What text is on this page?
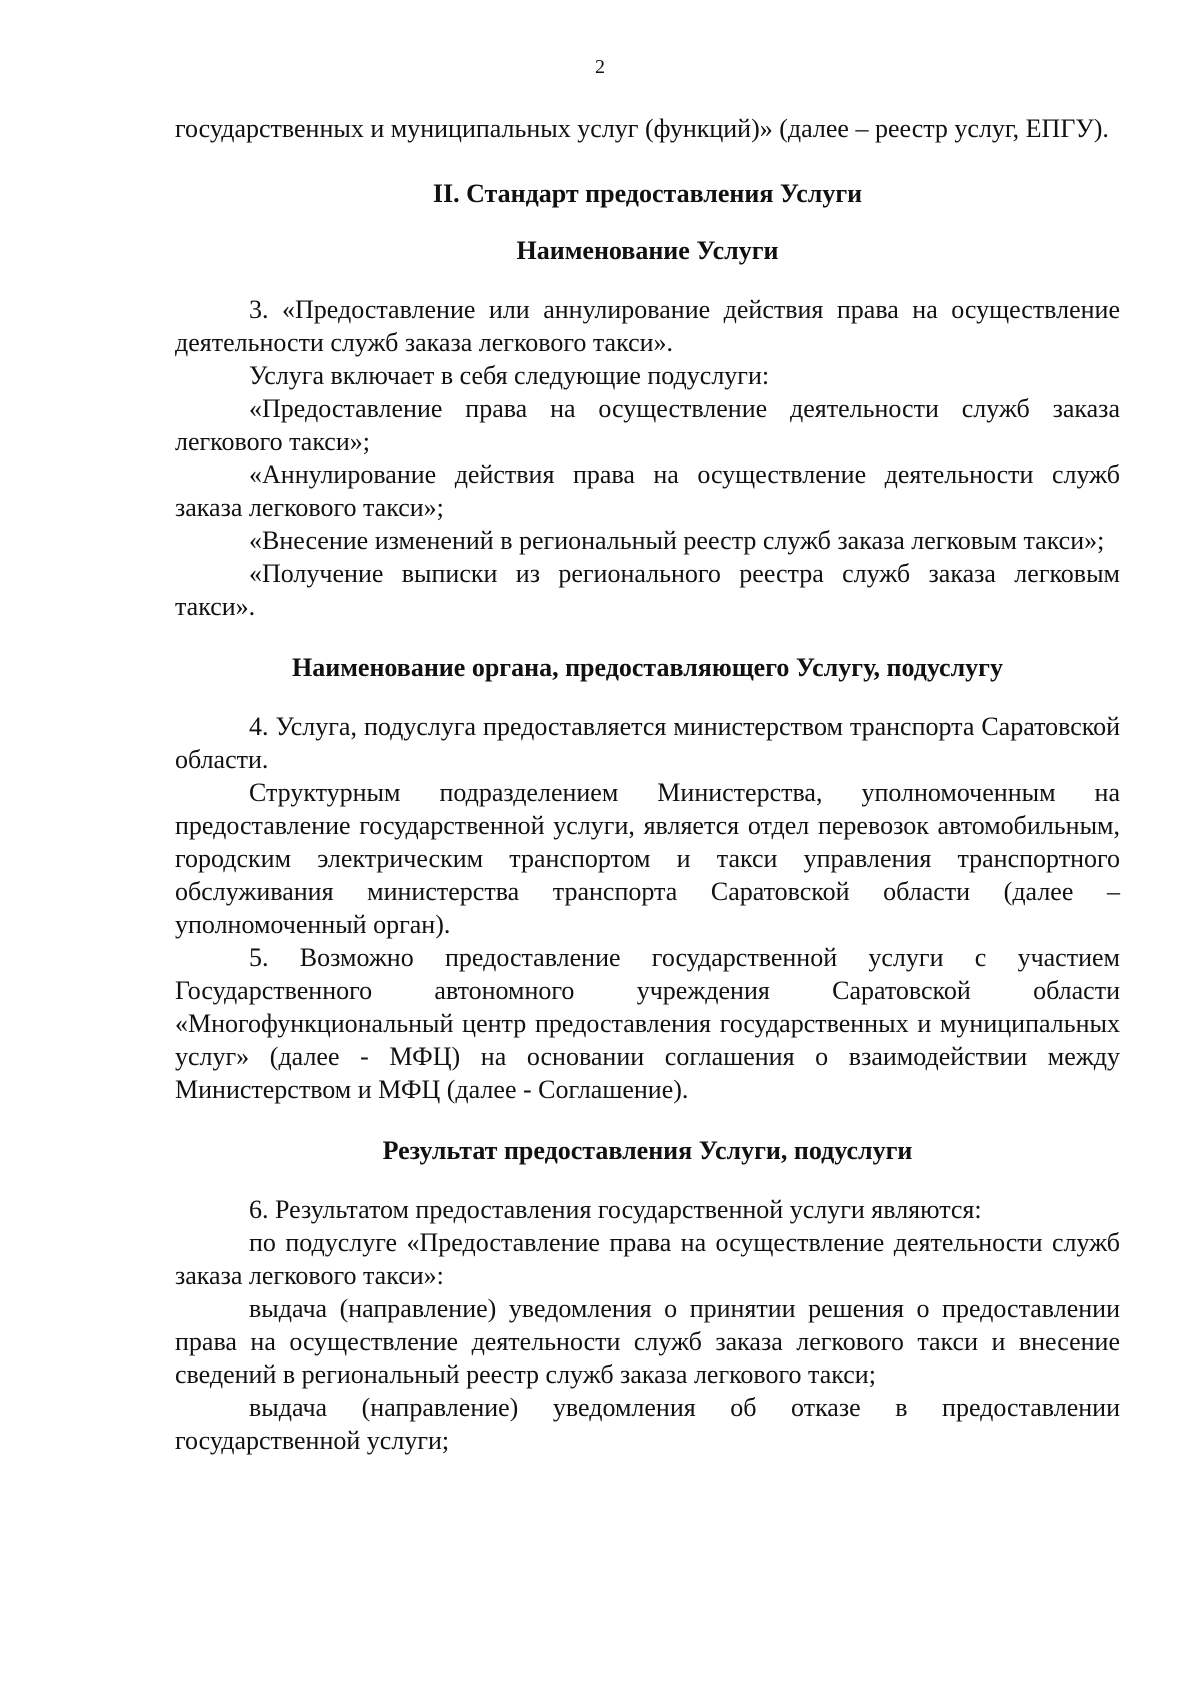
2

государственных и муниципальных услуг (функций)» (далее – реестр услуг, ЕПГУ).

II. Стандарт предоставления Услуги
Наименование Услуги

3. «Предоставление или аннулирование действия права на осуществление деятельности служб заказа легкового такси».

Услуга включает в себя следующие подуслуги:

«Предоставление права на осуществление деятельности служб заказа легкового такси»;

«Аннулирование действия права на осуществление деятельности служб заказа легкового такси»;

«Внесение изменений в региональный реестр служб заказа легковым такси»;

«Получение выписки из регионального реестра служб заказа легковым такси».

Наименование органа, предоставляющего Услугу, подуслугу

4. Услуга, подуслуга предоставляется министерством транспорта Саратовской области.

Структурным подразделением Министерства, уполномоченным на предоставление государственной услуги, является отдел перевозок автомобильным, городским электрическим транспортом и такси управления транспортного обслуживания министерства транспорта Саратовской области (далее – уполномоченный орган).

5. Возможно предоставление государственной услуги с участием Государственного автономного учреждения Саратовской области «Многофункциональный центр предоставления государственных и муниципальных услуг» (далее - МФЦ) на основании соглашения о взаимодействии между Министерством и МФЦ (далее - Соглашение).

Результат предоставления Услуги, подуслуги

6. Результатом предоставления государственной услуги являются:

по подуслуге «Предоставление права на осуществление деятельности служб заказа легкового такси»:

выдача (направление) уведомления о принятии решения о предоставлении права на осуществление деятельности служб заказа легкового такси и внесение сведений в региональный реестр служб заказа легкового такси;

выдача (направление) уведомления об отказе в предоставлении государственной услуги;
